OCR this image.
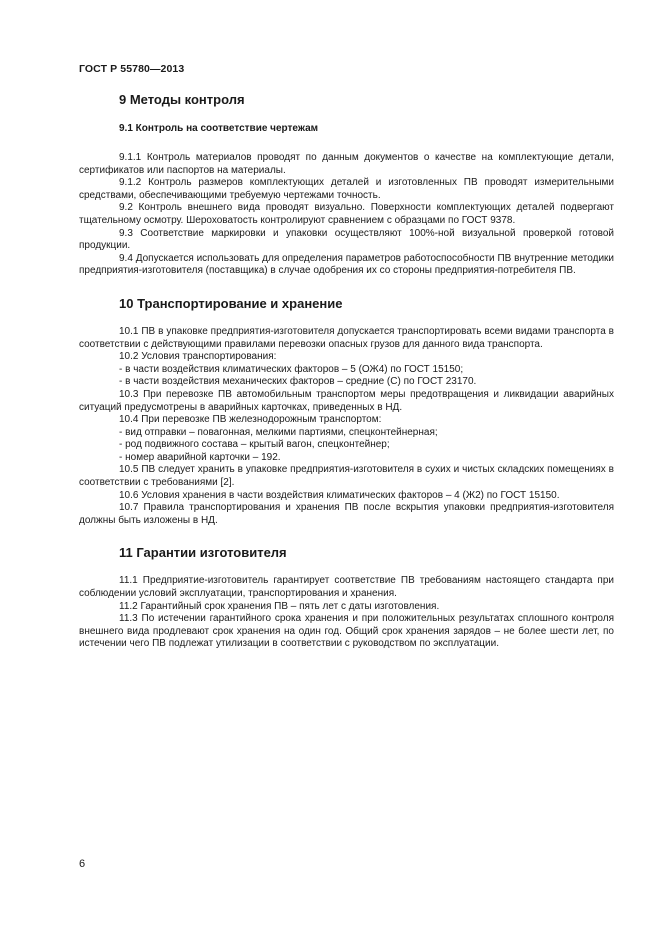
ГОСТ Р 55780—2013
9 Методы контроля
9.1 Контроль на соответствие чертежам

9.1.1 Контроль материалов проводят по данным документов о качестве на комплектующие детали, сертификатов или паспортов на материалы.

9.1.2 Контроль размеров комплектующих деталей и изготовленных ПВ проводят измерительными средствами, обеспечивающими требуемую чертежами точность.

9.2 Контроль внешнего вида проводят визуально. Поверхности комплектующих деталей подвергают тщательному осмотру. Шероховатость контролируют сравнением с образцами по ГОСТ 9378.

9.3 Соответствие маркировки и упаковки осуществляют 100%-ной визуальной проверкой готовой продукции.

9.4 Допускается использовать для определения параметров работоспособности ПВ внутренние методики предприятия-изготовителя (поставщика) в случае одобрения их со стороны предприятия-потребителя ПВ.

10 Транспортирование и хранение

10.1 ПВ в упаковке предприятия-изготовителя допускается транспортировать всеми видами транспорта в соответствии с действующими правилами перевозки опасных грузов для данного вида транспорта.

10.2 Условия транспортирования:

- в части воздействия климатических факторов – 5 (ОЖ4) по ГОСТ 15150;

- в части воздействия механических факторов – средние (С) по ГОСТ 23170.

10.3 При перевозке ПВ автомобильным транспортом меры предотвращения и ликвидации аварийных ситуаций предусмотрены в аварийных карточках, приведенных в НД.

10.4 При перевозке ПВ железнодорожным транспортом:

- вид отправки – повагонная, мелкими партиями, спецконтейнерная;

- род подвижного состава – крытый вагон, спецконтейнер;

- номер аварийной карточки – 192.

10.5 ПВ следует хранить в упаковке предприятия-изготовителя в сухих и чистых складских помещениях в соответствии с требованиями [2].

10.6 Условия хранения в части воздействия климатических факторов – 4 (Ж2) по ГОСТ 15150.

10.7 Правила транспортирования и хранения ПВ после вскрытия упаковки предприятия-изготовителя должны быть изложены в НД.

11 Гарантии изготовителя

11.1 Предприятие-изготовитель гарантирует соответствие ПВ требованиям настоящего стандарта при соблюдении условий эксплуатации, транспортирования и хранения.

11.2 Гарантийный срок хранения ПВ – пять лет с даты изготовления.

11.3 По истечении гарантийного срока хранения и при положительных результатах сплошного контроля внешнего вида продлевают срок хранения на один год. Общий срок хранения зарядов – не более шести лет, по истечении чего ПВ подлежат утилизации в соответствии с руководством по эксплуатации.

6
